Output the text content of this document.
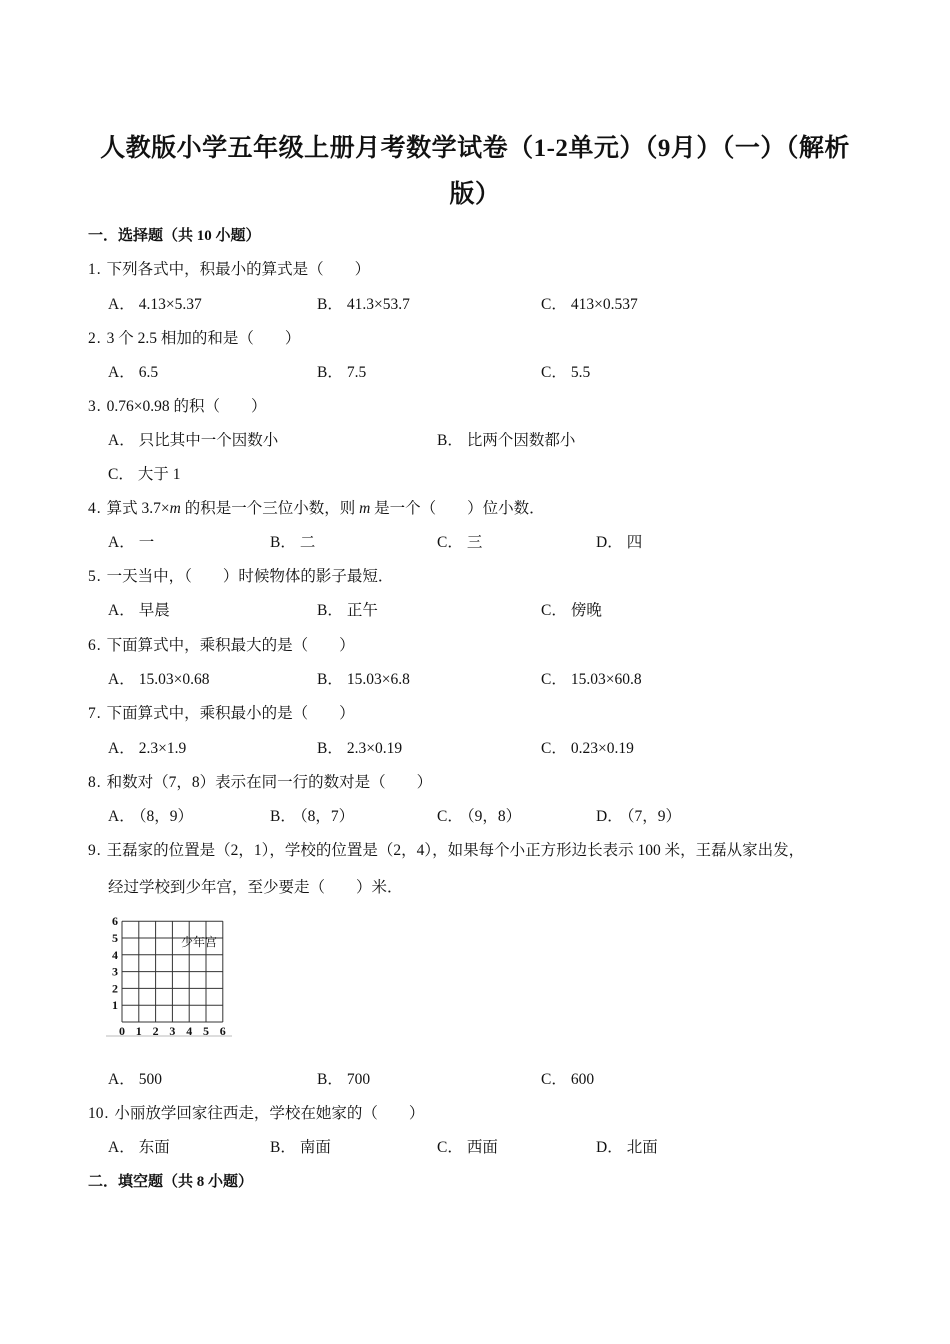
人教版小学五年级上册月考数学试卷（1-2单元）（9月）（一）（解析
版）
一．选择题（共 10 小题）
1 . 下列各式中，积最小的算式是（　　）
A ． 4.13×5.37	B ． 41.3×53.7	C ． 413×0.537
2 . 3 个 2.5 相加的和是（　　）
A ． 6.5	B ． 7.5	C ． 5.5
3 . 0.76×0.98 的积（　　）
A ． 只比其中一个因数小	B ． 比两个因数都小
C ． 大于 1
4 . 算式 3.7×m 的积是一个三位小数，则 m 是一个（　　）位小数．
A ． 一	B ． 二	C ． 三	D ． 四
5 . 一天当中，（　　）时候物体的影子最短．
A ． 早晨	B ． 正午	C ． 傍晚
6 . 下面算式中，乘积最大的是（　　）
A ． 15.03×0.68	B ． 15.03×6.8	C ． 15.03×60.8
7 . 下面算式中，乘积最小的是（　　）
A ． 2.3×1.9	B ． 2.3×0.19	C ． 0.23×0.19
8 . 和数对（7，8）表示在同一行的数对是（　　）
A ． （8，9）	B ． （8，7）	C ． （9，8）	D ． （7，9）
9 . 王磊家的位置是（2，1），学校的位置是（2，4），如果每个小正方形边长表示 100 米，王磊从家出发，
经过学校到少年宫，至少要走（　　）米．
0 1 2 3 4 5 6
6
5
4
3
2
1
少年宫
A ． 500	B ． 700	C ． 600
10 . 小丽放学回家往西走，学校在她家的（　　）
A ． 东面	B ． 南面	C ． 西面	D ． 北面
二．填空题（共 8 小题）
